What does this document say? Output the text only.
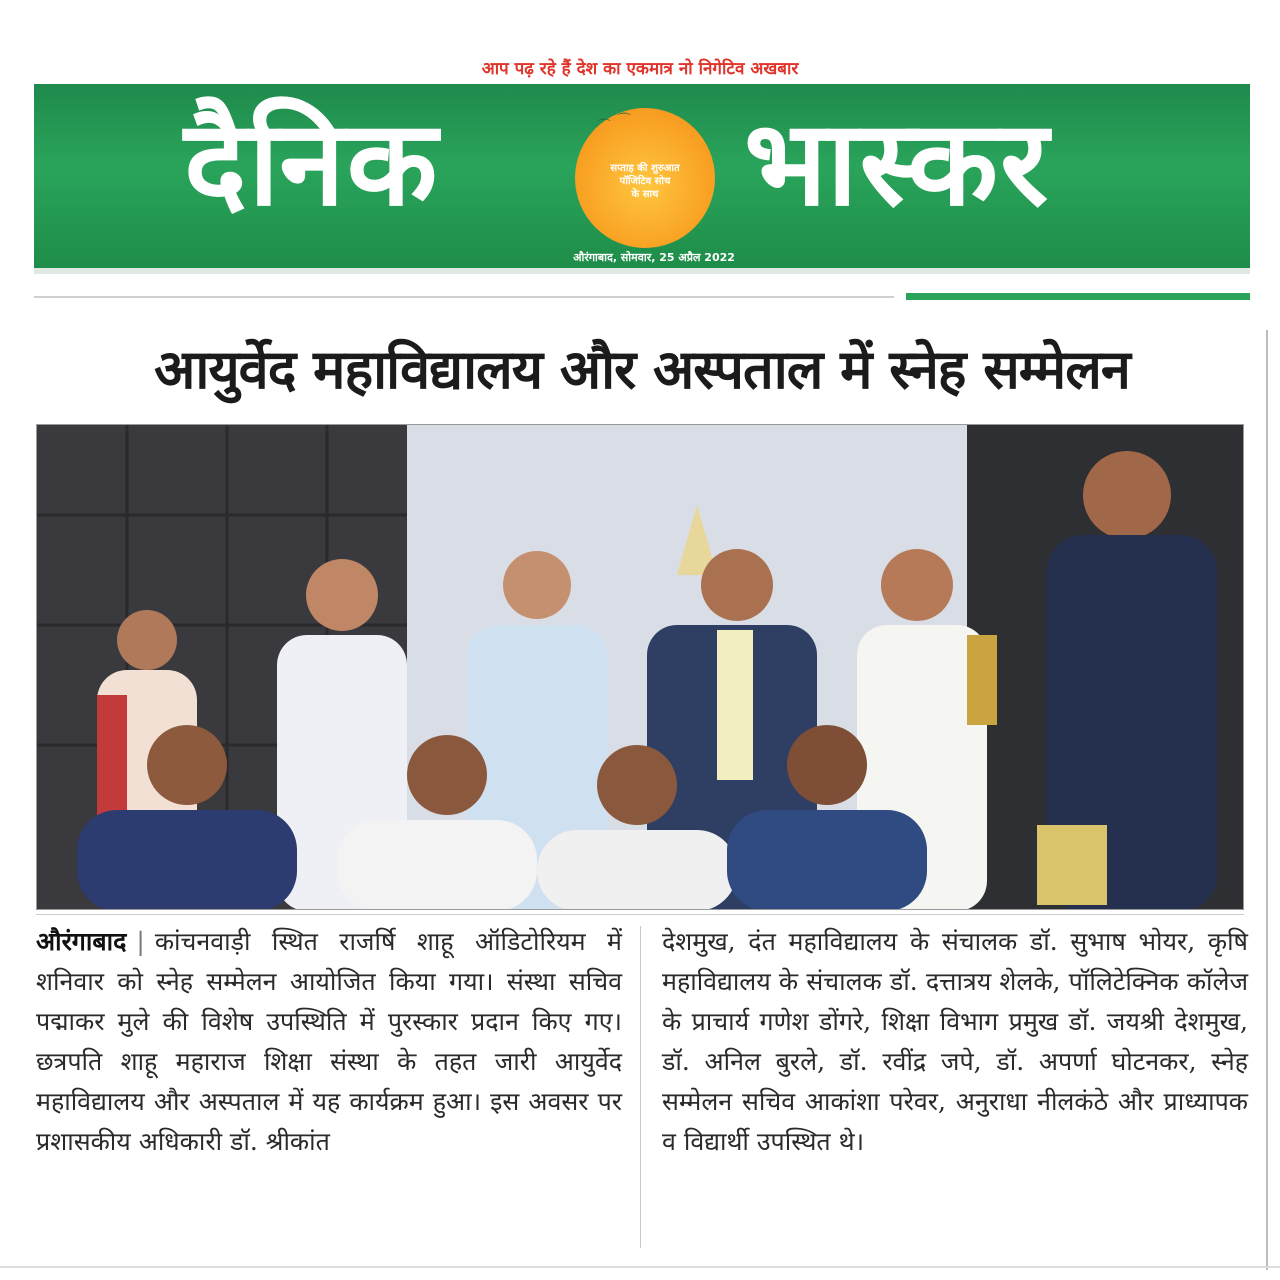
आप पढ़ रहे हैं देश का एकमात्र नो निगेटिव अखबार
दैनिक	⌒ ⌒
सप्ताह की शुरुआत
पॉजिटिव सोच
के साथ भास्कर
औरंगाबाद, सोमवार, 25 अप्रैल 2022
आयुर्वेद महाविद्यालय और अस्पताल में स्नेह सम्मेलन
औरंगाबाद | कांचनवाड़ी स्थित राजर्षि शाहू ऑडिटोरियम में शनिवार को स्नेह सम्मेलन आयोजित किया गया। संस्था सचिव पद्माकर मुले की विशेष उपस्थिति में पुरस्कार प्रदान किए गए। छत्रपति शाहू महाराज शिक्षा संस्था के तहत जारी आयुर्वेद महाविद्यालय और अस्पताल में यह कार्यक्रम हुआ। इस अवसर पर प्रशासकीय अधिकारी डॉ. श्रीकांत
देशमुख, दंत महाविद्यालय के संचालक डॉ. सुभाष भोयर, कृषि महाविद्यालय के संचालक डॉ. दत्तात्रय शेलके, पॉलिटेक्निक कॉलेज के प्राचार्य गणेश डोंगरे, शिक्षा विभाग प्रमुख डॉ. जयश्री देशमुख, डॉ. अनिल बुरले, डॉ. रवींद्र जपे, डॉ. अपर्णा घोटनकर, स्नेह सम्मेलन सचिव आकांशा परेवर, अनुराधा नीलकंठे और प्राध्यापक व विद्यार्थी उपस्थित थे।
